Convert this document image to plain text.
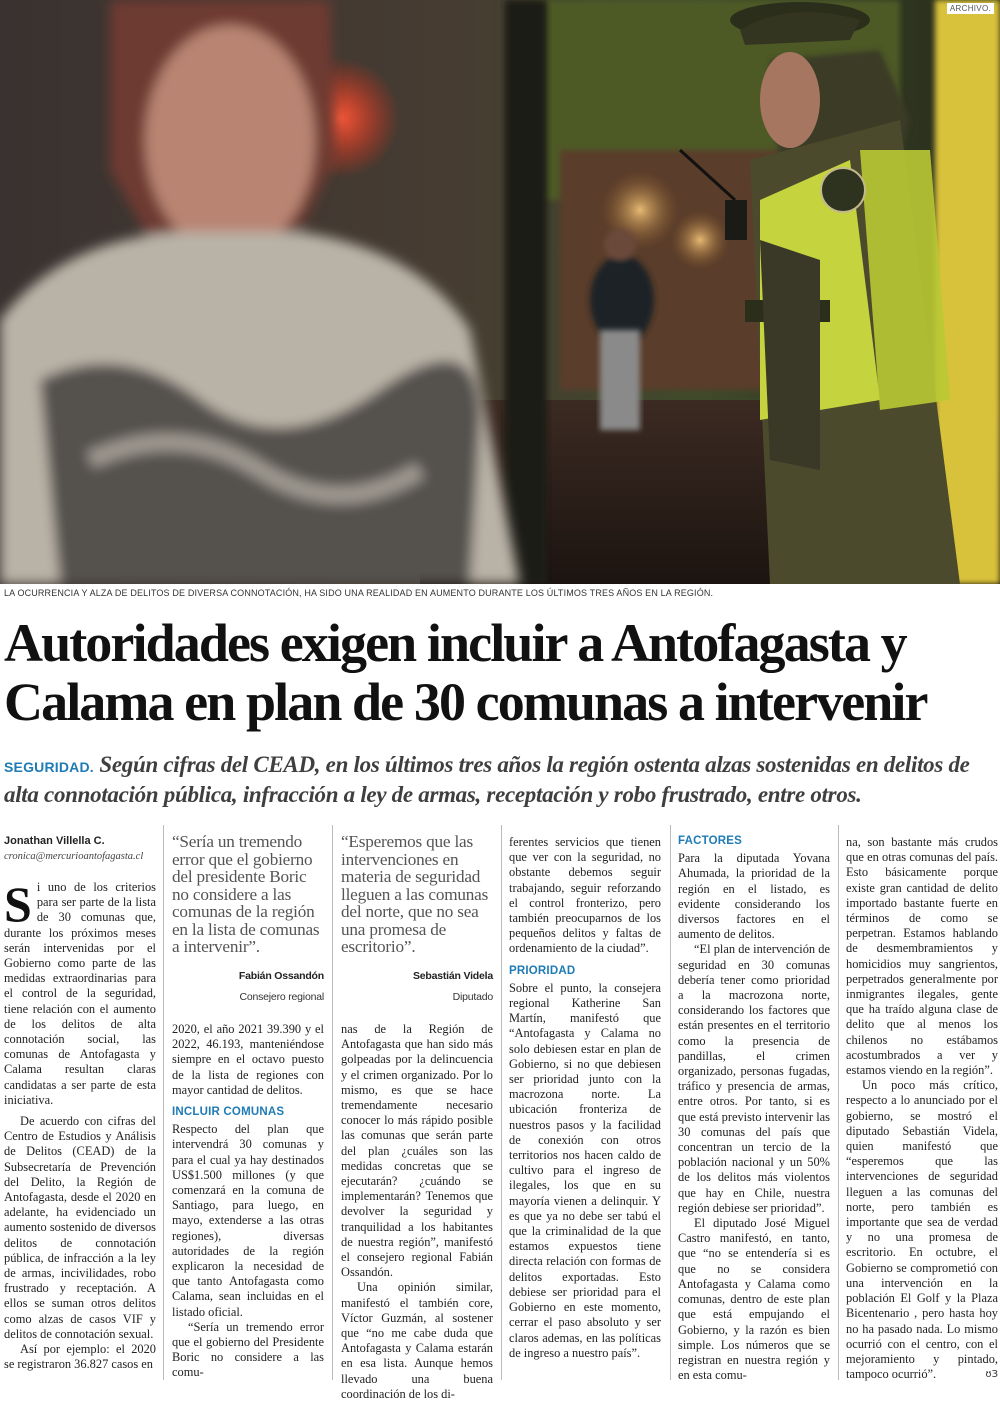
ARCHIVO.
LA OCURRENCIA Y ALZA DE DELITOS DE DIVERSA CONNOTACIÓN, HA SIDO UNA REALIDAD EN AUMENTO DURANTE LOS ÚLTIMOS TRES AÑOS EN LA REGIÓN.
Autoridades exigen incluir a Antofagasta y Calama en plan de 30 comunas a intervenir
SEGURIDAD. Según cifras del CEAD, en los últimos tres años la región ostenta alzas sostenidas en delitos de alta connotación pública, infracción a ley de armas, receptación y robo frustrado, entre otros.
Jonathan Villella C.
cronica@mercurioantofagasta.cl

Si uno de los criterios para ser parte de la lista de 30 comunas que, durante los próximos meses serán intervenidas por el Gobierno como parte de las medidas extraordinarias para el control de la seguridad, tiene relación con el aumento de los delitos de alta connotación social, las comunas de Antofagasta y Calama resultan claras candidatas a ser parte de esta iniciativa.

De acuerdo con cifras del Centro de Estudios y Análisis de Delitos (CEAD) de la Subsecretaría de Prevención del Delito, la Región de Antofagasta, desde el 2020 en adelante, ha evidenciado un aumento sostenido de diversos delitos de connotación pública, de infracción a la ley de armas, incivilidades, robo frustrado y receptación. A ellos se suman otros delitos como alzas de casos VIF y delitos de connotación sexual.

Así por ejemplo: el 2020 se registraron 36.827 casos en

“Sería un tremendo error que el gobierno del presidente Boric no considere a las comunas de la región en la lista de comunas a intervenir”.

Fabián Ossandón
Consejero regional

2020, el año 2021 39.390 y el 2022, 46.193, manteniéndose siempre en el octavo puesto de la lista de regiones con mayor cantidad de delitos.

INCLUIR COMUNAS

Respecto del plan que intervendrá 30 comunas y para el cual ya hay destinados US$1.500 millones (y que comenzará en la comuna de Santiago, para luego, en mayo, extenderse a las otras regiones), diversas autoridades de la región explicaron la necesidad de que tanto Antofagasta como Calama, sean incluidas en el listado oficial.

“Sería un tremendo error que el gobierno del Presidente Boric no considere a las comu-

“Esperemos que las intervenciones en materia de seguridad lleguen a las comunas del norte, que no sea una promesa de escritorio”.

Sebastián Videla
Diputado

nas de la Región de Antofagasta que han sido más golpeadas por la delincuencia y el crimen organizado. Por lo mismo, es que se hace tremendamente necesario conocer lo más rápido posible las comunas que serán parte del plan ¿cuáles son las medidas concretas que se ejecutarán? ¿cuándo se implementarán? Tenemos que devolver la seguridad y tranquilidad a los habitantes de nuestra región”, manifestó el consejero regional Fabián Ossandón.

Una opinión similar, manifestó el también core, Víctor Guzmán, al sostener que “no me cabe duda que Antofagasta y Calama estarán en esa lista. Aunque hemos llevado una buena coordinación de los di-

ferentes servicios que tienen que ver con la seguridad, no obstante debemos seguir trabajando, seguir reforzando el control fronterizo, pero también preocuparnos de los pequeños delitos y faltas de ordenamiento de la ciudad”.

PRIORIDAD

Sobre el punto, la consejera regional Katherine San Martín, manifestó que “Antofagasta y Calama no solo debiesen estar en plan de Gobierno, si no que debiesen ser prioridad junto con la macrozona norte. La ubicación fronteriza de nuestros pasos y la facilidad de conexión con otros territorios nos hacen caldo de cultivo para el ingreso de ilegales, los que en su mayoría vienen a delinquir. Y es que ya no debe ser tabú el que la criminalidad de la que estamos expuestos tiene directa relación con formas de delitos exportadas. Esto debiese ser prioridad para el Gobierno en este momento, cerrar el paso absoluto y ser claros ademas, en las políticas de ingreso a nuestro país”.

FACTORES

Para la diputada Yovana Ahumada, la prioridad de la región en el listado, es evidente considerando los diversos factores en el aumento de delitos.

“El plan de intervención de seguridad en 30 comunas debería tener como prioridad a la macrozona norte, considerando los factores que están presentes en el territorio como la presencia de pandillas, el crimen organizado, personas fugadas, tráfico y presencia de armas, entre otros. Por tanto, si es que está previsto intervenir las 30 comunas del país que concentran un tercio de la población nacional y un 50% de los delitos más violentos que hay en Chile, nuestra región debiese ser prioridad”.

El diputado José Miguel Castro manifestó, en tanto, que “no se entendería si es que no se considera Antofagasta y Calama como comunas, dentro de este plan que está empujando el Gobierno, y la razón es bien simple. Los números que se registran en nuestra región y en esta comu-

na, son bastante más crudos que en otras comunas del país. Esto básicamente porque existe gran cantidad de delito importado bastante fuerte en términos de como se perpetran. Estamos hablando de desmembramientos y homicidios muy sangrientos, perpetrados generalmente por inmigrantes ilegales, gente que ha traído alguna clase de delito que al menos los chilenos no estábamos acostumbrados a ver y estamos viendo en la región”.

Un poco más crítico, respecto a lo anunciado por el gobierno, se mostró el diputado Sebastián Videla, quien manifestó que “esperemos que las intervenciones de seguridad lleguen a las comunas del norte, pero también es importante que sea de verdad y no una promesa de escritorio. En octubre, el Gobierno se comprometió con una intervención en la población El Golf y la Plaza Bicentenario , pero hasta hoy no ha pasado nada. Lo mismo ocurrió con el centro, con el mejoramiento y pintado, tampoco ocurrió”.	ʊЗ
